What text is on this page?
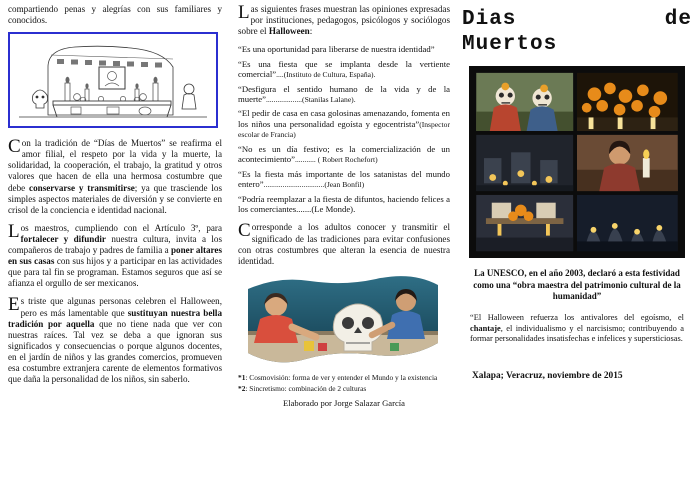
compartiendo penas y alegrías con sus familiares y conocidos.

Con la tradición de “Días de Muertos” se reafirma el amor filial, el respeto por la vida y la muerte, la solidaridad, la cooperación, el trabajo, la gratitud y otros valores que hacen de ella una hermosa costumbre que debe conservarse y transmitirse; ya que trasciende los simples aspectos materiales de diversión y se convierte en crisol de la conciencia e identidad nacional.

Los maestros, cumpliendo con el Artículo 3º, para fortalecer y difundir nuestra cultura, invita a los compañeros de trabajo y padres de familia a poner altares en sus casas con sus hijos y a participar en las actividades que para tal fin se programan. Estamos seguros que así se afianza el orgullo de ser mexicanos.

Es triste que algunas personas celebren el Halloween, pero es más lamentable que sustituyan nuestra bella tradición por aquella que no tiene nada que ver con nuestras raíces. Tal vez se deba a que ignoran sus significados y consecuencias o porque algunos docentes, en el jardín de niños y las grandes comercios, promueven esa costumbre extranjera carente de elementos formativos que daña la personalidad de los niños, sin saberlo.

Las siguientes frases muestran las opiniones expresadas por instituciones, pedagogos, psicólogos y sociólogos sobre el Halloween:

“Es una oportunidad para liberarse de nuestra identidad”
“Es una fiesta que se implanta desde la vertiente comercial”....(Instituto de Cultura, España).
“Desfigura el sentido humano de la vida y de la muerte”...................(Stanilas Lalane).
“El pedir de casa en casa golosinas amenazando, fomenta en los niños una personalidad egoísta y egocentrista”(Inspector escolar de Francia)
“No es un día festivo; es la comercialización de un acontecimiento”........... ( Robert Rochefort)
“Es la fiesta más importante de los satanistas del mundo entero”................................(Jean Bonfil)
“Podría reemplazar a la fiesta de difuntos, haciendo felices a los comerciantes.......(Le Monde).

Corresponde a los adultos conocer y transmitir el significado de las tradiciones para evitar confusiones con otras costumbres que alteran la esencia de nuestra identidad.

*1: Cosmovisión: forma de ver y entender el Mundo y la existencia
*2: Sincretismo: combinación de 2 culturas
Elaborado por Jorge Salazar García
Dias	de
Muertos
La UNESCO, en el año 2003, declaró a esta festividad como una “obra maestra del patrimonio cultural de la humanidad”
“El Halloween refuerza los antivalores del egoísmo, el chantaje, el individualismo y el narcisismo; contribuyendo a formar personalidades insatisfechas e infelices y supersticiosas.
Xalapa; Veracruz, noviembre de 2015
